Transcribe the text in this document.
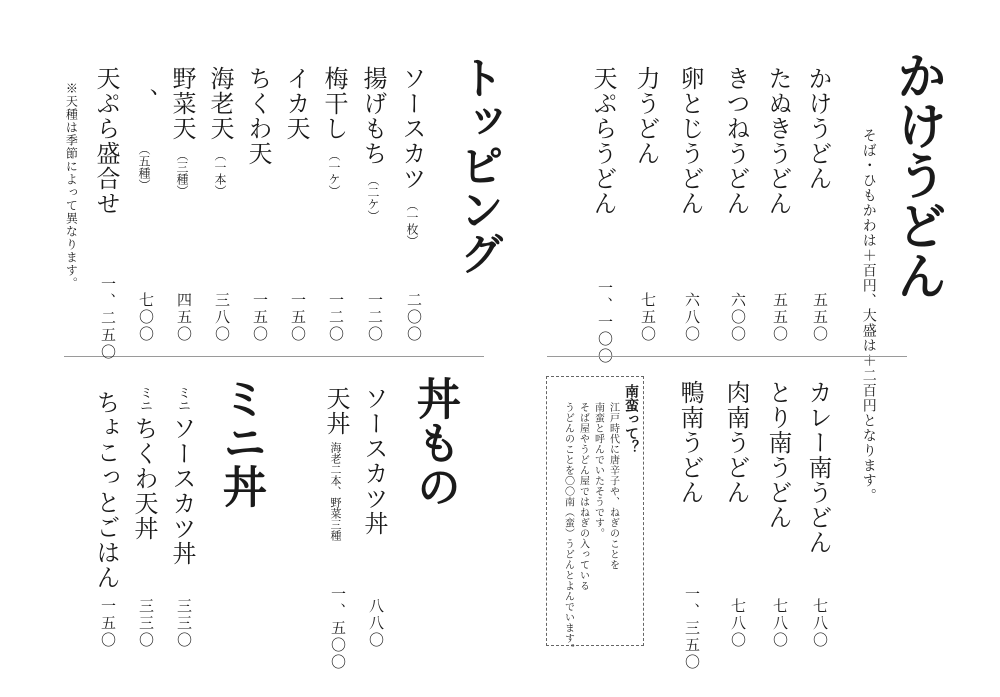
かけうどん
そば・ひもかわは＋百円、大盛は＋二百円となります。
かけうどん
五五〇
たぬきうどん
五五〇
きつねうどん
六〇〇
卵とじうどん
六八〇
力うどん
七五〇
天ぷらうどん
一、一〇〇
カレー南うどん
七八〇
とり南うどん
七八〇
肉南うどん
七八〇
鴨南うどん
一、三五〇
南蛮って？
江戸時代に唐辛子や、ねぎのことを
南蛮と呼んでいたそうです。
そば屋やうどん屋ではねぎの入っている
うどんのことを〇〇南（蛮）うどんとよんでいます。
トッピング
ソースカツ（一枚）
二〇〇
揚げもち（二ケ）
一二〇
梅干し（一ケ）
一二〇
イカ天
一五〇
ちくわ天
一五〇
海老天（一本）
三八〇
野菜天（三種）
四五〇
、（五種）
七〇〇
天ぷら盛合せ
一、二五〇
※天種は季節によって異なります。
丼もの
ソースカツ丼
八八〇
天丼
海老二本、野菜三種
一、五〇〇
ミニ丼
ミニソースカツ丼
三三〇
ミニちくわ天丼
三三〇
ちょこっとごはん
一五〇
